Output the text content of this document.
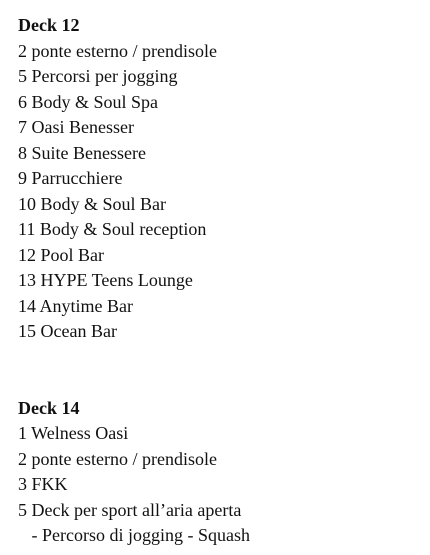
Deck 12
2 ponte esterno / prendisole
5 Percorsi per jogging
6 Body & Soul Spa
7 Oasi Benesser
8 Suite Benessere
9 Parrucchiere
10 Body & Soul Bar
11 Body & Soul reception
12 Pool Bar
13 HYPE Teens Lounge
14 Anytime Bar
15 Ocean Bar
Deck 14
1 Welness Oasi
2 ponte esterno / prendisole
3 FKK
5 Deck per sport all’aria aperta
- Percorso di jogging - Squash
